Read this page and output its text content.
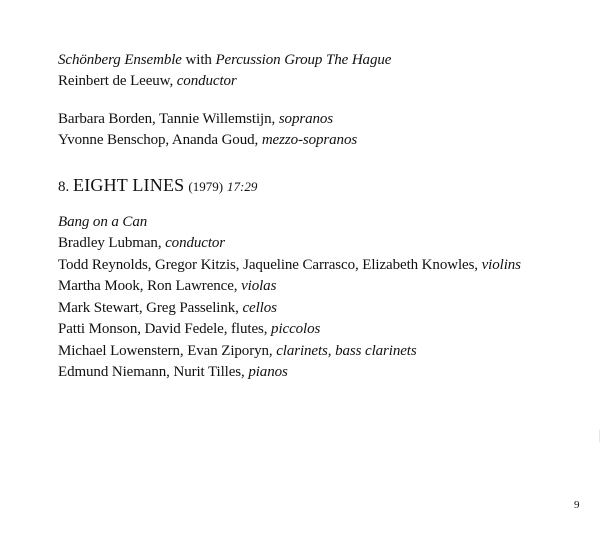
Schönberg Ensemble with Percussion Group The Hague
Reinbert de Leeuw, conductor
Barbara Borden, Tannie Willemstijn, sopranos
Yvonne Benschop, Ananda Goud, mezzo-sopranos
8. EIGHT LINES (1979) 17:29
Bang on a Can
Bradley Lubman, conductor
Todd Reynolds, Gregor Kitzis, Jaqueline Carrasco, Elizabeth Knowles, violins
Martha Mook, Ron Lawrence, violas
Mark Stewart, Greg Passelink, cellos
Patti Monson, David Fedele, flutes, piccolos
Michael Lowenstern, Evan Ziporyn, clarinets, bass clarinets
Edmund Niemann, Nurit Tilles, pianos
9
